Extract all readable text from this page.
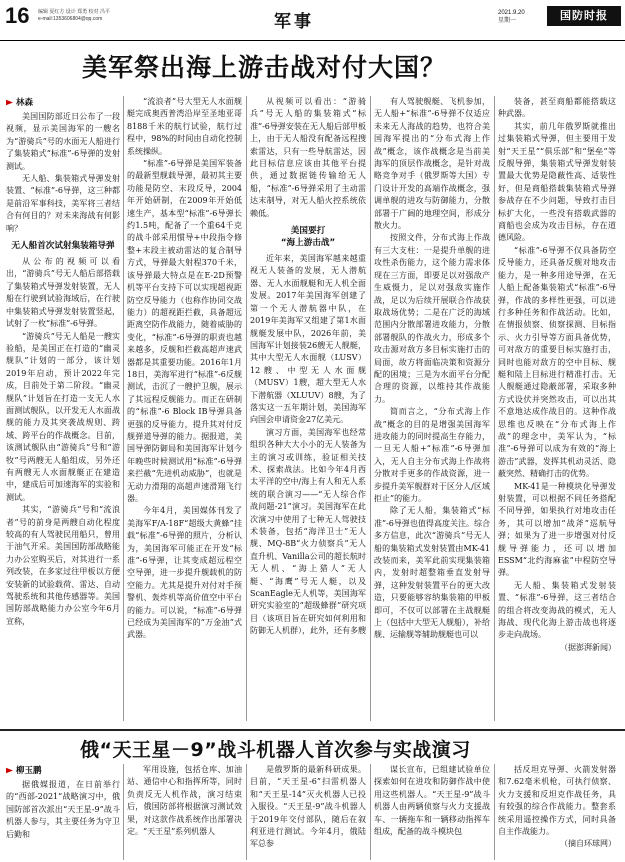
16 编辑 夏红方 设计 郑勇 校对 冯平
e-mail:1353606804@qq.com	军事	2021.9.20
星期一	国防时报
美军祭出海上游击战对付大国？
林森

美国国防部近日公布了一段视频，显示美国海军的一艘名为“游骑兵”号的水面无人船进行了集装箱式“标准”-6导弹的发射测试。

无人船、集装箱式导弹发射装置、“标准”-6导弹，这三种都是前沿军事科技，美军将三者结合有何目的？对未来海战有何影响？

无人船首次试射集装箱导弹

从公布的视频可以看出，“游骑兵”号无人船后部搭载了集装箱式导弹发射装置，无人船在行驶到试验海域后，在行驶中集装箱式导弹发射装置竖起，试射了一枚“标准”-6导弹。

“游骑兵”号无人船是一艘实验船，是美国正在打造的“幽灵舰队”计划的一部分，该计划2019年启动，预计2022年完成，目前处于第二阶段。“幽灵舰队”计划旨在打造一支无人水面测试舰队，以开发无人水面战舰的能力及其突袭战规则、跨域、跨平台的作战概念。目前，该测试舰队由“游骑兵”号和“游牧”号两艘无人船组成，另外还有两艘无人水面舰艇正在建造中，建成后可加速海军的实验和测试。

其实，“游骑兵”号和“流浪者”号的前身是两艘自动化程度较高的有人驾驶民用船只，曾用于油气开采。美国国防部战略能力办公室购买后，对其进行一系列改装，在多家过往甲板以方便安装新的试验载荷、雷达、自动驾驶系统和其他传感器等。美国国防部战略能力办公室今年6月宣称，

“流浪者”号大型无人水面舰艇完成奥西普湾沿岸至圣地亚哥8188千米的航行试验，航行过程中，98%的时间由自动化控制系统操纵。

“标准”-6导弹是美国军装备的最新型舰载导弹，最初其主要功能是防空、末段反导，2004年开始研制，在2009年开始低速生产，基本型“标准”-6导弹长约1.5吨，配备了一个重64千克的战斗部采用惯导+中段指令修整+末段主被动雷达的复合制导方式，导弹最大射程370千米，该导弹最大特点是在E-2D预警机等平台支持下可以实现超视距防空反导能力（也称作协同交战能力）的超视距拦截，具备超远距离空防作战能力，随着威胁的变化，“标准”-6导弹的职责也越来越多，反舰和拦截高超声速武器都是其重要功能。2016年1月18日，美海军进行“标准”-6反舰测试，击沉了一艘护卫舰，展示了其远程反舰能力。而正在研制的“标准”-6 Block IB导弹具备更强的反导能力，提升其对付反舰弹道导弹的能力。据报道，美国导弹防御局和美国海军计划今年晚些时候测试用“标准”-6导弹来拦截“先进机动威胁”，也就是无动力滑翔的高超声速滑翔飞行器。

今年4月，美国媒体刊发了美海军F/A-18F“超级大黄蜂”挂载“标准”-6导弹的照片，分析认为，美国海军可能正在开发“标准”-6导弹，让其变成超远程空空导弹，进一步提升舰载机的防空能力。尤其是提升对付对手预警机、轰炸机等高价值空中平台的能力。可以说，“标准”-6导弹已经成为美国海军的“万金油”式武器。

从视频可以看出：“游骑兵”号无人船的集装箱式“标准”-6导弹安装在无人船后部甲板上，由于无人船没有配备远程搜索雷达，只有一些导航雷达，因此目标信息应该由其他平台提供，通过数据链传输给无人船，“标准”-6导弹采用了主动雷达末制导，对无人船火控系统依赖低。

美国要打
“海上游击战”

近年来，美国海军越来越重视无人装备的发展，无人潜航器、无人水面舰艇和无人机全面发展。2017年美国海军创建了第一个无人潜航器中队，在2019年美海军又组建了第1水面舰艇发展中队，2026年前，美国海军计划接装26艘无人舰艇，其中大型无人水面舰（LUSV）12艘、中型无人水面舰（MUSV）1艘，超大型无人水下潜航器（XLUUV）8艘，为了落实这一五年期计划，美国海军向国会申请资金27亿美元。

演习方面，美国海军也经常组织各种大大小小的无人装备为主的演习或训练，验证相关技术、探索战法。比如今年4月西太平洋的空中/海上有人和无人系统的联合演习——“无人综合作战问题-21”演习。美国海军在此次演习中使用了七种无人驾驶技术装备，包括“海洋卫士”无人舰、MQ-8B“火力侦察兵”无人直升机、Vanilla公司的超长航时无人机、“海上猎人”无人艇、“海鹰”号无人艇，以及ScanEagle无人机等，美国海军研究实验室的“超级蜂群”研究项目（该项目旨在研究如何利用和防御无人机群），此外，还有多艘

有人驾驶舰艇、飞机参加，无人船+“标准”-6导弹不仅适应未来无人海战的趋势，也符合美国海军提出的“分布式海上作战”概念，该作战概念是当前美海军的顶层作战概念，是针对战略竞争对手（俄罗斯等大国）专门设计开发的高端作战概念，强调单舰的进攻与防御能力，分散部署于广阔的地理空间，形成分散火力。

按照文件，分布式海上作战有三大支柱：一是提升单舰的进攻性杀伤能力，这个能力需求体现在三方面，即要足以对强敌产生威慑力，足以对强敌实施作战，足以为后续开展联合作战获取战场优势；二是在广泛的海域范围内分散部署进攻能力，分散部署舰队的作战火力，形成多个攻击源对敌方多目标实施打击的局面，故方将面临决策和资源分配的困境；三是为水面平台分配合理的资源，以维持其作战能力。

简而言之，“分布式海上作战”概念的目的是增强美国海军进攻能力的同时提高生存能力，一旦无人船+“标准”-6导弹加入，无人自主分布式海上作战将分散对手更多的作战资源，进一步提升美军舰群对于区分人/区域拒止”的能力。

除了无人船，集装箱式“标准”-6导弹也值得高度关注。综合多方信息，此次“游骑兵”号无人船的集装箱式发射装置由MK-41改装而来，美军此前实现集装箱内，发射时超整箱垂直发射导弹，这种发射装置平台的更大改造，只要能够容纳集装箱的甲板即可，不仅可以部署在主战舰艇上（包括中大型无人舰船），补给舰、运输舰等辅助舰艇也可以

装备，甚至商船都能搭载这种武器。

其实，前几年俄罗斯就推出过集装箱式导弹，但主要用于发射“天王星”“俱乐部”和“堡垒”等反舰导弹，集装箱式导弹发射装置最大优势是隐蔽性高、适装性好，但是商船搭载集装箱式导弹参战存在不少问题，导致打击目标扩大化，一些没有搭载武器的商船也会成为攻击目标，存在道德风险。

“标准”-6导弹不仅具备防空反导能力，还具备反舰对地攻击能力，是一种多用途导弹，在无人船上配备集装箱式“标准”-6导弹，作战的多样性更强，可以进行多种任务和作战活动。比如，在情报侦察、侦察探测、目标指示、火力引导等方面具备优势，可对敌方的重要目标实施打击，同时也能对敌方的空中目标、舰艇和陆上目标进行精准打击。无人舰艇通过隐蔽部署，采取多种方式设伏并突然攻击，可以出其不意地达成作战目的。这种作战思维也反映在“分布式海上作战”的理念中，美军认为，“标准”-6导弹可以成为有效的“海上游击”武器，发挥其机动灵活、隐蔽突然、精确打击的优势。

MK-41是一种模块化导弹发射装置，可以根据不同任务搭配不同导弹，如果执行对地攻击任务，其可以增加“战斧”巡航导弹；如果为了进一步增强对付反舰导弹能力，还可以增加ESSM“北约海麻雀”中程防空导弹。

无人船、集装箱式发射装置、“标准”-6导弹，这三者结合的组合将改变海战的模式，无人海战、现代化海上游击战也将逐步走向战场。

（据澎湃新闻）
俄“天王星－9”战斗机器人首次参与实战演习
柳玉鹏

据俄媒报道，在日前举行的“西部-2021”战略演习中，俄国防部首次派出“天王星-9”战斗机器人参与，其主要任务为守卫后勤和

军用设施，包括仓库、加油站、通信中心和指挥所等，同时负责反无人机作战，演习结束后，俄国防部将根据演习测试效果，对这款作战系统作出部署决定。“天王星”系列机器人

是俄罗斯的最新科研成果。目前，“天王星-6”扫雷机器人和“天王星-14”灭火机器人已投入服役。“天王星-9”战斗机器人于2019年交付部队，随后在叙利亚进行测试。今年4月，俄陆军总参

谋长宣布，已组建试验单位探索如何在进攻和防御作战中使用这些机器人。“天王星-9”战斗机器人由两辆侦察与火力支援战车、一辆拖车和一辆移动指挥车组成，配备的战斗模块包

括反坦克导弹、火箭发射器和7.62毫米机枪，可执行侦察、火力支援和反坦克作战任务，具有较强的综合作战能力。整套系统采用遥控操作方式，同时具备自主作战能力。

（摘自环球网）
